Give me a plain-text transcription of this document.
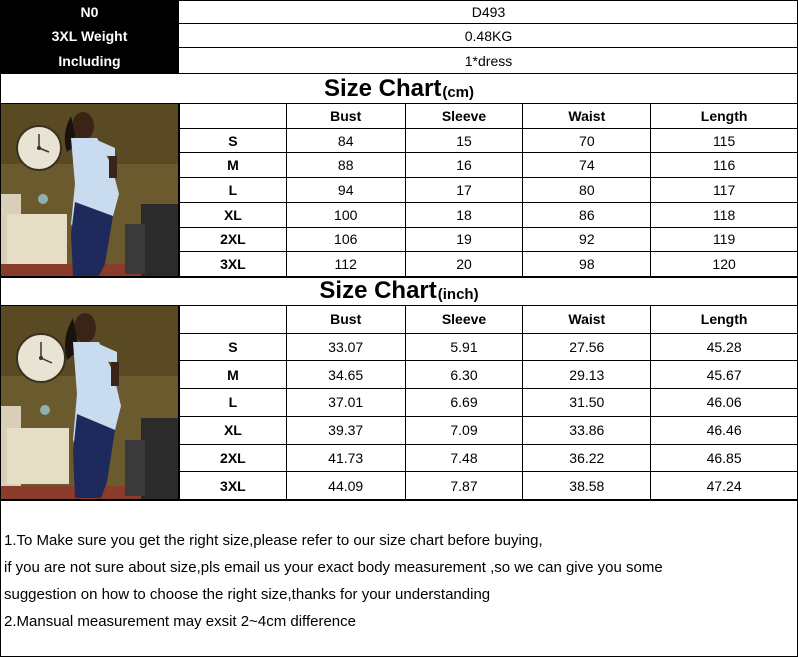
N0	D493
3XL Weight	0.48KG
Including	1*dress
Size Chart (cm)
	Bust	Sleeve	Waist	Length
S	84	15	70	115
M	88	16	74	116
L	94	17	80	117
XL	100	18	86	118
2XL	106	19	92	119
3XL	112	20	98	120
Size Chart (inch)
	Bust	Sleeve	Waist	Length
S	33.07	5.91	27.56	45.28
M	34.65	6.30	29.13	45.67
L	37.01	6.69	31.50	46.06
XL	39.37	7.09	33.86	46.46
2XL	41.73	7.48	36.22	46.85
3XL	44.09	7.87	38.58	47.24
1.To Make sure you get the right size,please refer to our size chart before buying,
if you are not sure about size,pls email us your exact body measurement ,so we can give you some
suggestion on how to choose the right size,thanks for your understanding
2.Mansual measurement may exsit 2~4cm difference
